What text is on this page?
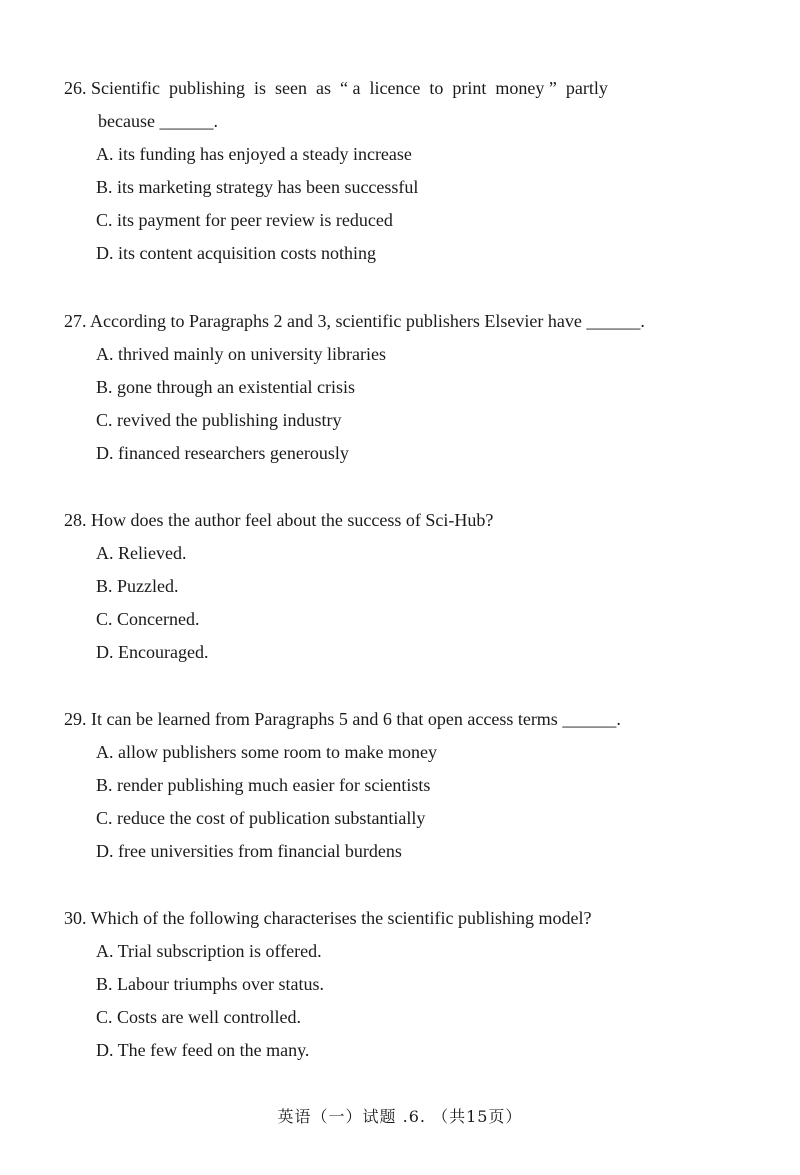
26. Scientific  publishing  is  seen  as  “ a  licence  to  print  money ”  partly
because ______.
A. its funding has enjoyed a steady increase
B. its marketing strategy has been successful
C. its payment for peer review is reduced
D. its content acquisition costs nothing
27. According to Paragraphs 2 and 3, scientific publishers Elsevier have ______.
A. thrived mainly on university libraries
B. gone through an existential crisis
C. revived the publishing industry
D. financed researchers generously
28. How does the author feel about the success of Sci-Hub?
A. Relieved.
B. Puzzled.
C. Concerned.
D. Encouraged.
29. It can be learned from Paragraphs 5 and 6 that open access terms ______.
A. allow publishers some room to make money
B. render publishing much easier for scientists
C. reduce the cost of publication substantially
D. free universities from financial burdens
30. Which of the following characterises the scientific publishing model?
A. Trial subscription is offered.
B. Labour triumphs over status.
C. Costs are well controlled.
D. The few feed on the many.
英语（一）试题 .6. （共15页）
